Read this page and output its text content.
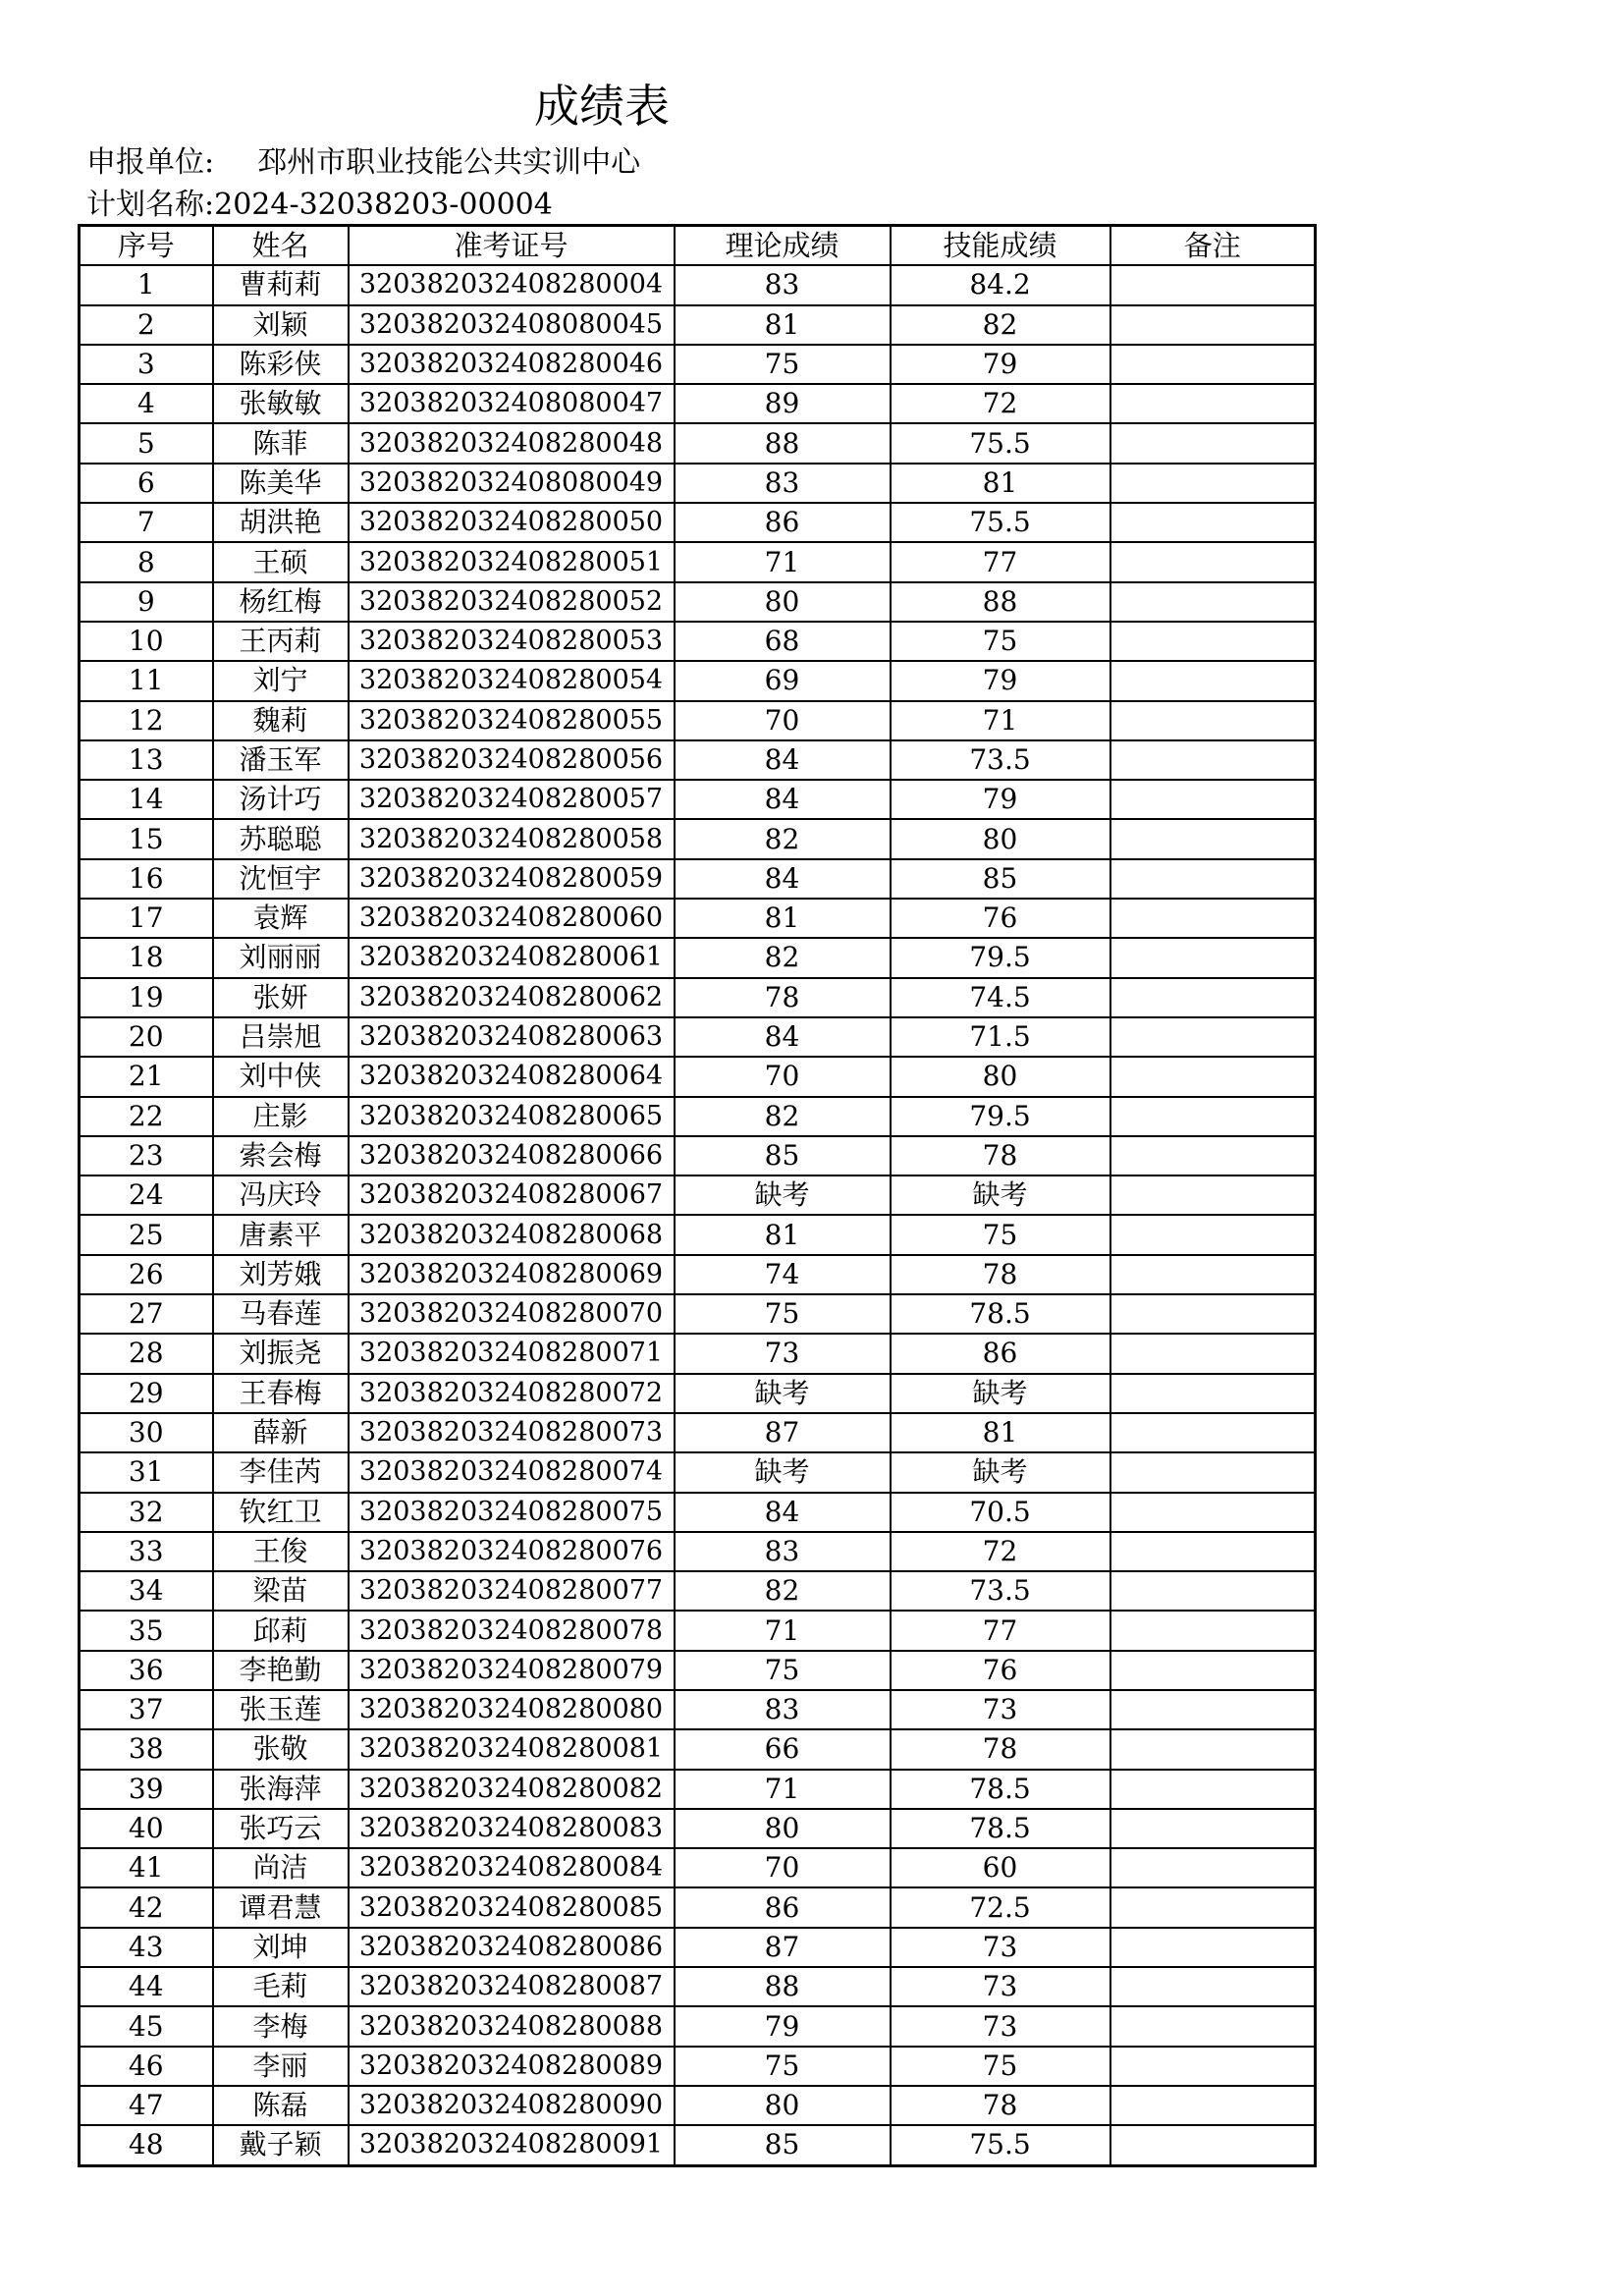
成绩表
申报单位: 邳州市职业技能公共实训中心
计划名称:2024-32038203-00004
序号	姓名	准考证号	理论成绩	技能成绩	备注
1	曹莉莉	320382032408280004	83	84.2	
2	刘颖	320382032408080045	81	82	
3	陈彩侠	320382032408280046	75	79	
4	张敏敏	320382032408080047	89	72	
5	陈菲	320382032408280048	88	75.5	
6	陈美华	320382032408080049	83	81	
7	胡洪艳	320382032408280050	86	75.5	
8	王硕	320382032408280051	71	77	
9	杨红梅	320382032408280052	80	88	
10	王丙莉	320382032408280053	68	75	
11	刘宁	320382032408280054	69	79	
12	魏莉	320382032408280055	70	71	
13	潘玉军	320382032408280056	84	73.5	
14	汤计巧	320382032408280057	84	79	
15	苏聪聪	320382032408280058	82	80	
16	沈恒宇	320382032408280059	84	85	
17	袁辉	320382032408280060	81	76	
18	刘丽丽	320382032408280061	82	79.5	
19	张妍	320382032408280062	78	74.5	
20	吕崇旭	320382032408280063	84	71.5	
21	刘中侠	320382032408280064	70	80	
22	庄影	320382032408280065	82	79.5	
23	索会梅	320382032408280066	85	78	
24	冯庆玲	320382032408280067	缺考	缺考	
25	唐素平	320382032408280068	81	75	
26	刘芳娥	320382032408280069	74	78	
27	马春莲	320382032408280070	75	78.5	
28	刘振尧	320382032408280071	73	86	
29	王春梅	320382032408280072	缺考	缺考	
30	薛新	320382032408280073	87	81	
31	李佳芮	320382032408280074	缺考	缺考	
32	钦红卫	320382032408280075	84	70.5	
33	王俊	320382032408280076	83	72	
34	梁苗	320382032408280077	82	73.5	
35	邱莉	320382032408280078	71	77	
36	李艳勤	320382032408280079	75	76	
37	张玉莲	320382032408280080	83	73	
38	张敬	320382032408280081	66	78	
39	张海萍	320382032408280082	71	78.5	
40	张巧云	320382032408280083	80	78.5	
41	尚洁	320382032408280084	70	60	
42	谭君慧	320382032408280085	86	72.5	
43	刘坤	320382032408280086	87	73	
44	毛莉	320382032408280087	88	73	
45	李梅	320382032408280088	79	73	
46	李丽	320382032408280089	75	75	
47	陈磊	320382032408280090	80	78	
48	戴子颖	320382032408280091	85	75.5	
